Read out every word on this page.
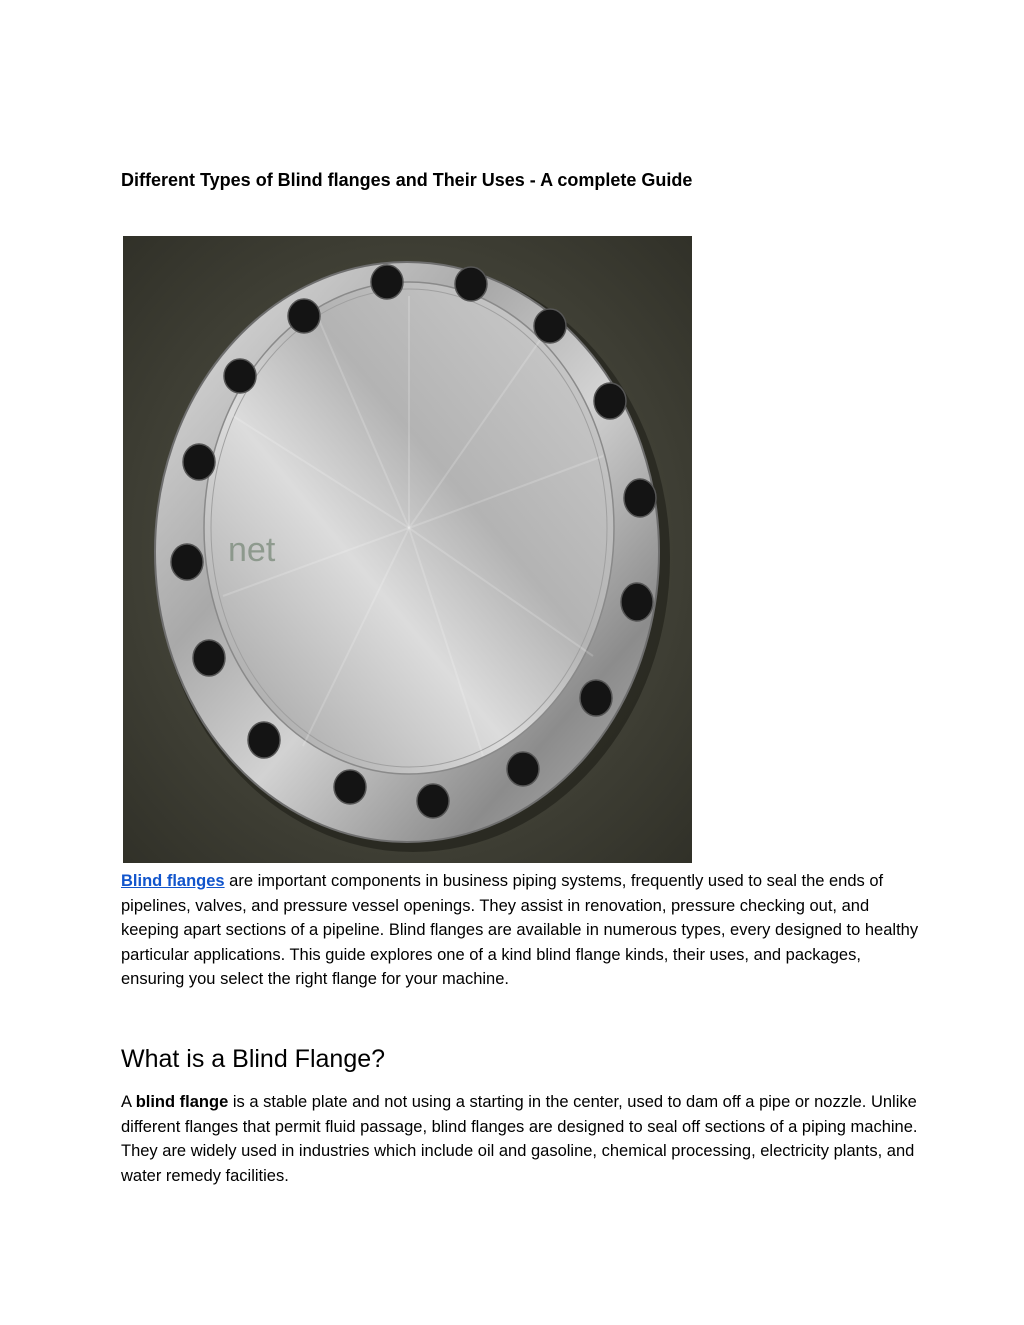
Different Types of Blind flanges and Their Uses - A complete Guide
net

Blind flanges are important components in business piping systems, frequently used to seal the ends of pipelines, valves, and pressure vessel openings. They assist in renovation, pressure checking out, and keeping apart sections of a pipeline. Blind flanges are available in numerous types, every designed to healthy particular applications. This guide explores one of a kind blind flange kinds, their uses, and packages, ensuring you select the right flange for your machine.

What is a Blind Flange?

A blind flange is a stable plate and not using a starting in the center, used to dam off a pipe or nozzle. Unlike different flanges that permit fluid passage, blind flanges are designed to seal off sections of a piping machine. They are widely used in industries which include oil and gasoline, chemical processing, electricity plants, and water remedy facilities.
